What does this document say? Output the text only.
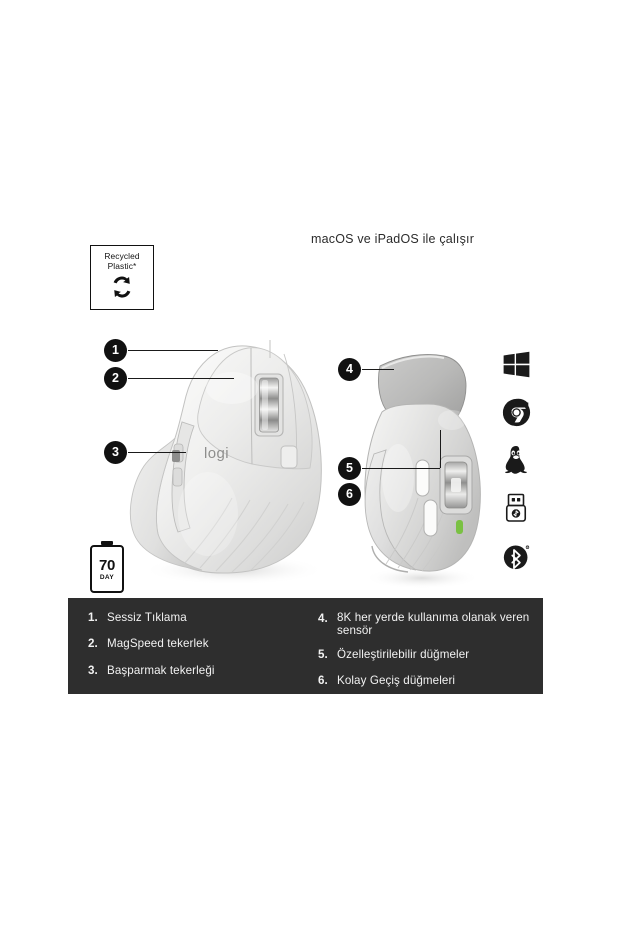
macOS ve iPadOS ile çalışır
Recycled
Plastic*
70
DAY
R
logi
1
2
3
4
5
6
1. Sessiz Tıklama
2. MagSpeed tekerlek
3. Başparmak tekerleği
4. 8K her yerde kullanıma olanak veren sensör
5. Özelleştirilebilir düğmeler
6. Kolay Geçiş düğmeleri
